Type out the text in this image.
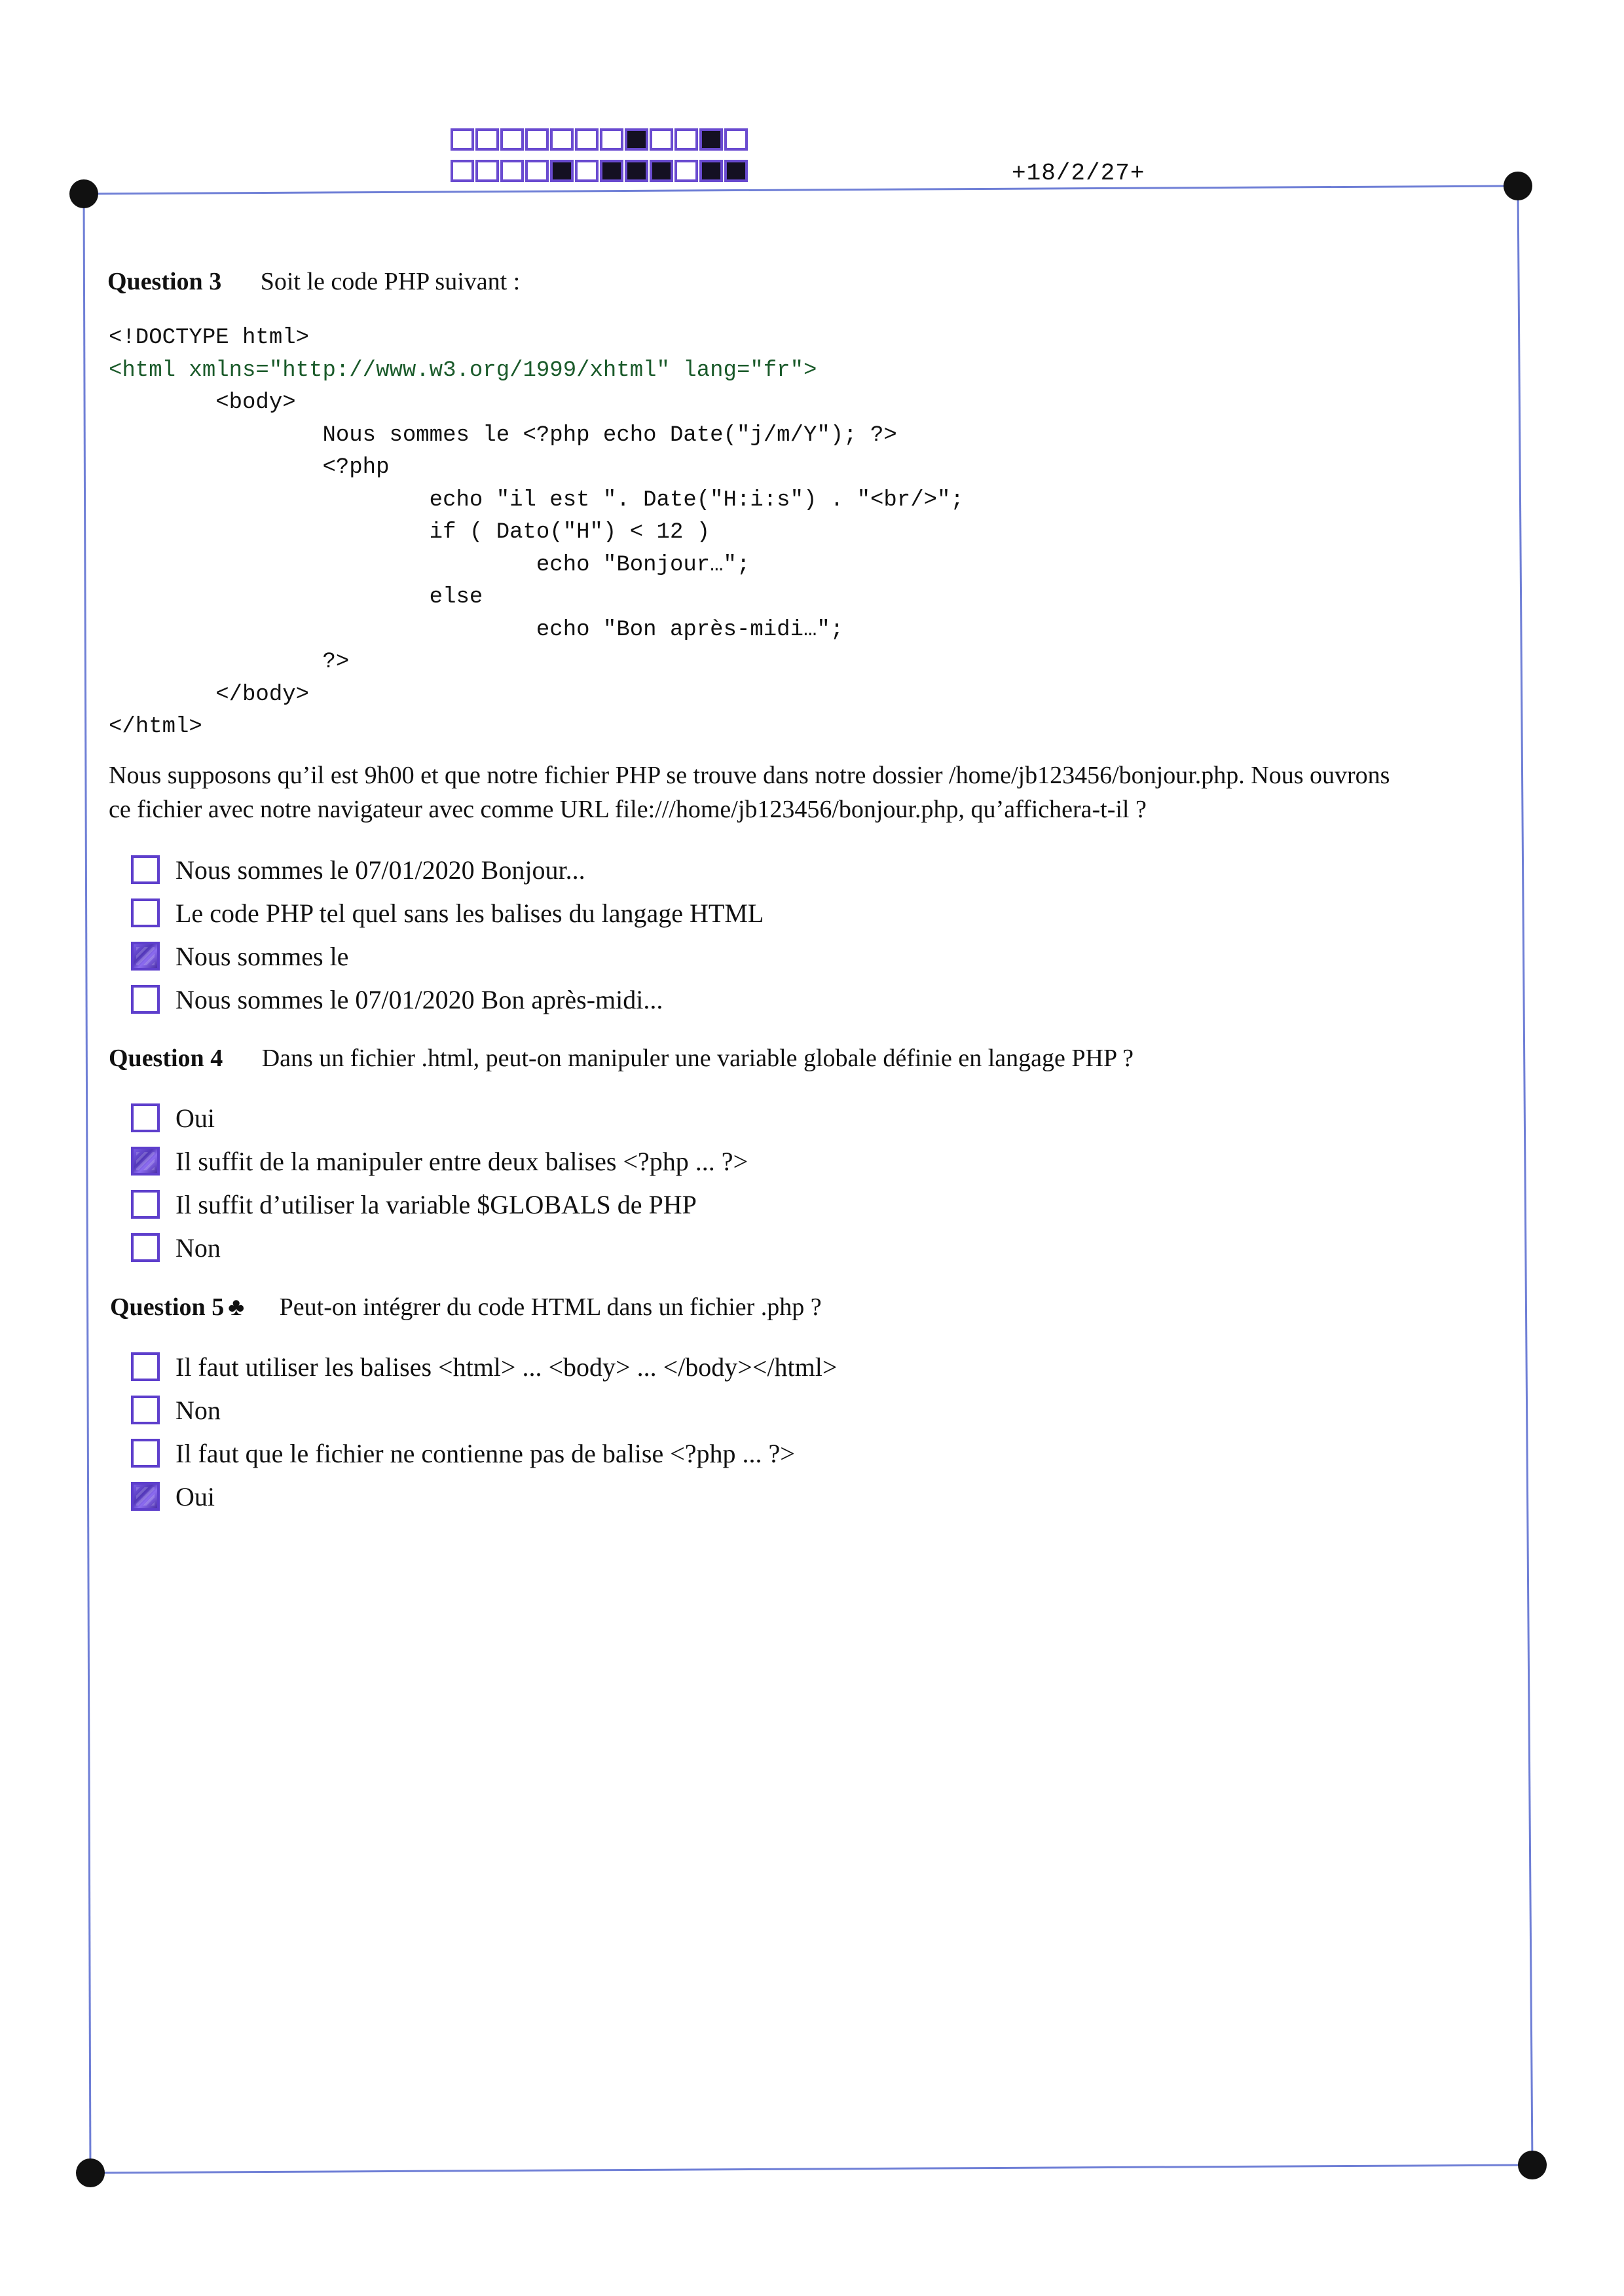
+18/2/27+
Question 3 Soit le code PHP suivant :
<!DOCTYPE html>
<html xmlns="http://www.w3.org/1999/xhtml" lang="fr">
<body>
Nous sommes le <?php echo Date("j/m/Y"); ?>
<?php
echo "il est ". Date("H:i:s") . "<br/>";
if ( Dato("H") < 12 )
echo "Bonjour…";
else
echo "Bon après-midi…";
?>
</body>
</html>
Nous supposons qu’il est 9h00 et que notre fichier PHP se trouve dans notre dossier /home/jb123456/bonjour.php. Nous ouvrons
ce fichier avec notre navigateur avec comme URL file:///home/jb123456/bonjour.php, qu’affichera-t-il ?
Nous sommes le 07/01/2020 Bonjour...
Le code PHP tel quel sans les balises du langage HTML
Nous sommes le
Nous sommes le 07/01/2020 Bon après-midi...
Question 4 Dans un fichier .html, peut-on manipuler une variable globale définie en langage PHP ?
Oui
Il suffit de la manipuler entre deux balises <?php ... ?>
Il suffit d’utiliser la variable $GLOBALS de PHP
Non
Question 5 ♣ Peut-on intégrer du code HTML dans un fichier .php ?
Il faut utiliser les balises <html> ... <body> ... </body></html>
Non
Il faut que le fichier ne contienne pas de balise <?php ... ?>
Oui
